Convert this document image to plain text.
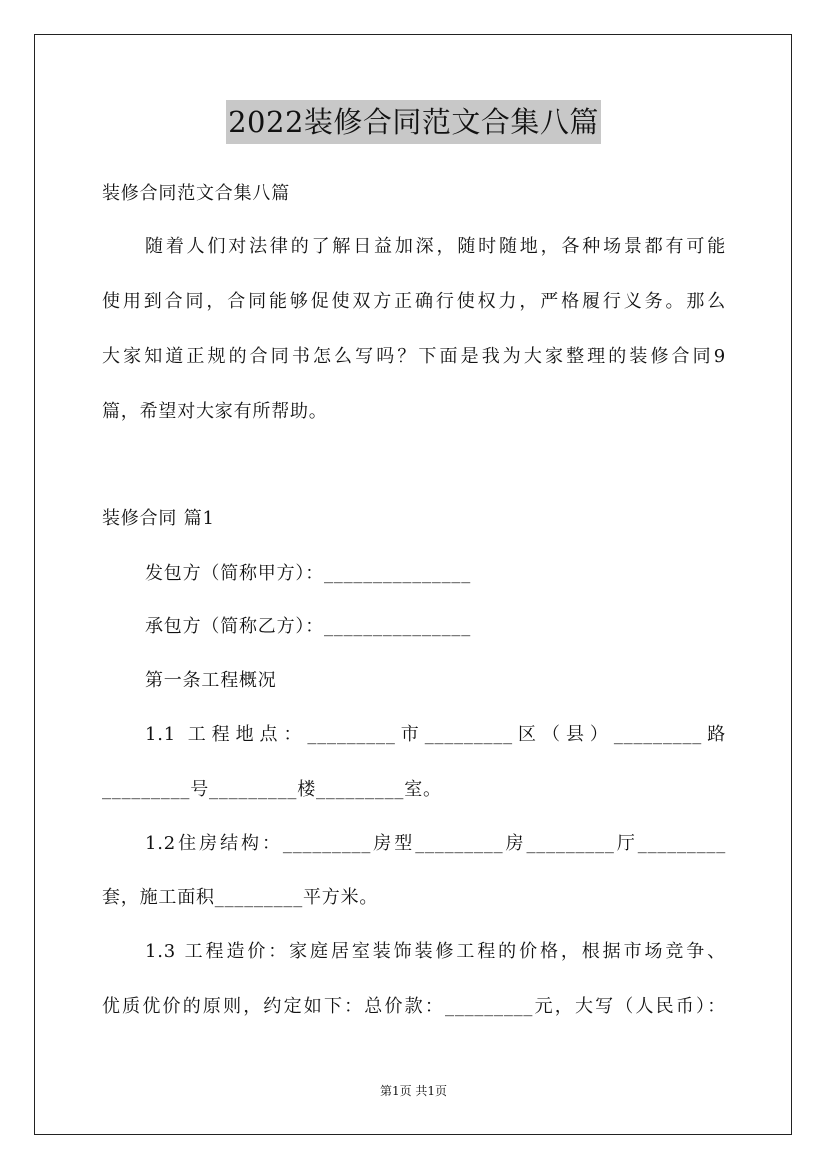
2022装修合同范文合集八篇
装修合同范文合集八篇
随着人们对法律的了解日益加深，随时随地，各种场景都有可能
使用到合同，合同能够促使双方正确行使权力，严格履行义务。那么
大家知道正规的合同书怎么写吗？下面是我为大家整理的装修合同9
篇，希望对大家有所帮助。
装修合同 篇1
发包方（简称甲方）：_______________
承包方（简称乙方）：_______________
第一条工程概况
1.1 工程地点：_________市_________区（县）_________路
_________号_________楼_________室。
1.2住房结构：_________房型_________房_________厅_________
套，施工面积_________平方米。
1.3 工程造价：家庭居室装饰装修工程的价格，根据市场竞争、
优质优价的原则，约定如下：总价款：_________元，大写（人民币）：
第1页 共1页
